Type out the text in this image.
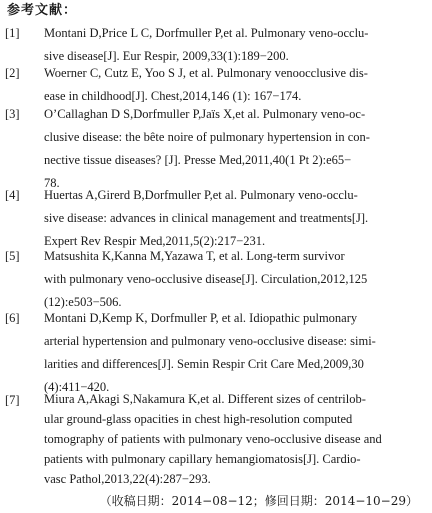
参考文献：
[1] Montani D,Price L C, Dorfmuller P,et al. Pulmonary veno-occlu-
sive disease[J]. Eur Respir, 2009,33(1):189−200.
[2] Woerner C, Cutz E, Yoo S J, et al. Pulmonary venoocclusive dis-
ease in childhood[J]. Chest,2014,146 (1): 167−174.
[3] O’Callaghan D S,Dorfmuller P,Jaïs X,et al. Pulmonary veno-oc-
clusive disease: the bête noire of pulmonary hypertension in con-
nective tissue diseases? [J]. Presse Med,2011,40(1 Pt 2):e65−
78.
[4] Huertas A,Girerd B,Dorfmuller P,et al. Pulmonary veno-occlu-
sive disease: advances in clinical management and treatments[J].
Expert Rev Respir Med,2011,5(2):217−231.
[5] Matsushita K,Kanna M,Yazawa T, et al. Long-term survivor
with pulmonary veno-occlusive disease[J]. Circulation,2012,125
(12):e503−506.
[6] Montani D,Kemp K, Dorfmuller P, et al. Idiopathic pulmonary
arterial hypertension and pulmonary veno-occlusive disease: simi-
larities and differences[J]. Semin Respir Crit Care Med,2009,30
(4):411−420.
[7] Miura A,Akagi S,Nakamura K,et al. Different sizes of centrilob-
ular ground-glass opacities in chest high-resolution computed
tomography of patients with pulmonary veno-occlusive disease and
patients with pulmonary capillary hemangiomatosis[J]. Cardio-
vasc Pathol,2013,22(4):287−293.
（收稿日期：2014−08−12；修回日期：2014−10−29）
